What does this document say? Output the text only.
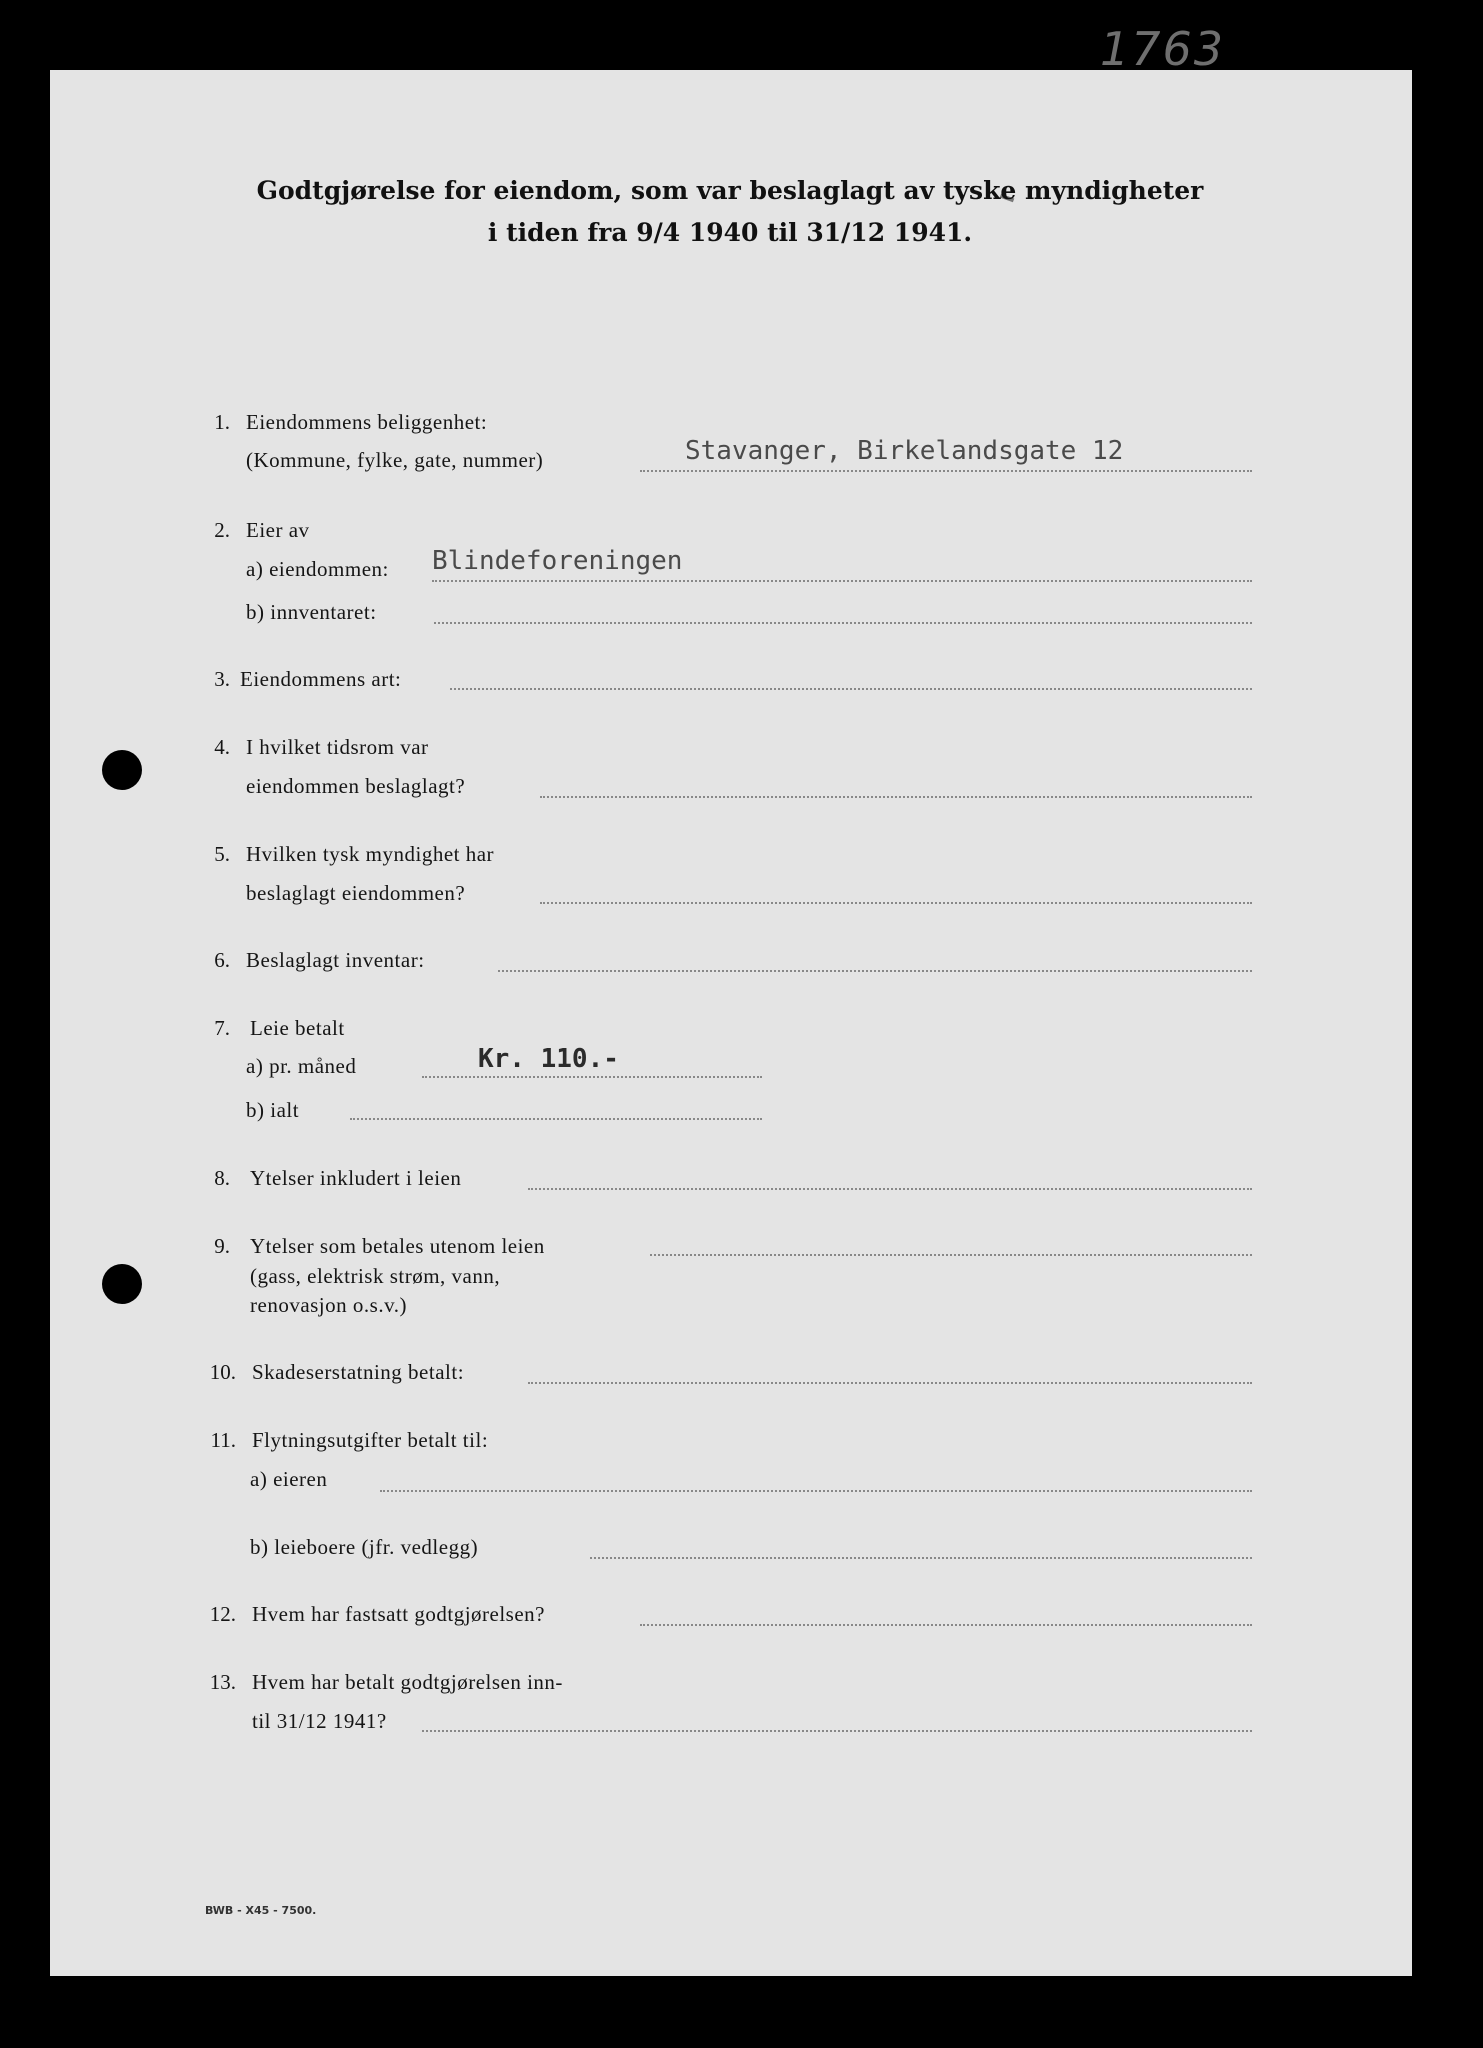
1763
Godtgjørelse for eiendom, som var beslaglagt av tyske myndigheter
i tiden fra 9/4 1940 til 31/12 1941.
1. Eiendommens beliggenhet:
(Kommune, fylke, gate, nummer)	Stavanger, Birkelandsgate 12
2. Eier av
a) eiendommen: Blindeforeningen
b) innventaret:
3. Eiendommens art:
4. I hvilket tidsrom var
eiendommen beslaglagt?
5. Hvilken tysk myndighet har
beslaglagt eiendommen?
6. Beslaglagt inventar:
7. Leie betalt
a) pr. måned	Kr. 110.-
b) ialt
8. Ytelser inkludert i leien
9. Ytelser som betales utenom leien
(gass, elektrisk strøm, vann,
renovasjon o.s.v.)
10. Skadeserstatning betalt:
11. Flytningsutgifter betalt til:
a) eieren
b) leieboere (jfr. vedlegg)
12. Hvem har fastsatt godtgjørelsen?
13. Hvem har betalt godtgjørelsen inn-
til 31/12 1941?
BWB - X45 - 7500.
